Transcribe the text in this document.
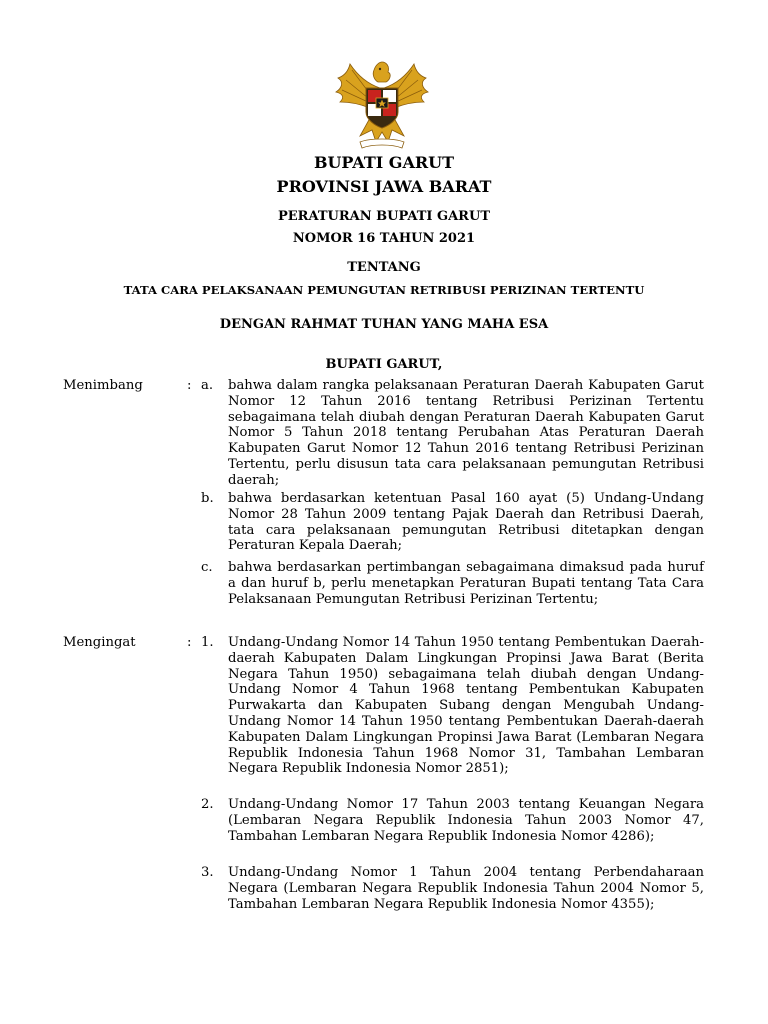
BUPATI GARUT
PROVINSI JAWA BARAT
PERATURAN BUPATI GARUT
NOMOR 16 TAHUN 2021
TENTANG
TATA CARA PELAKSANAAN PEMUNGUTAN RETRIBUSI PERIZINAN TERTENTU
DENGAN RAHMAT TUHAN YANG MAHA ESA
BUPATI GARUT,
Menimbang	: a. bahwa dalam rangka pelaksanaan Peraturan Daerah Kabupaten Garut Nomor 12 Tahun 2016 tentang Retribusi Perizinan Tertentu sebagaimana telah diubah dengan Peraturan Daerah Kabupaten Garut Nomor 5 Tahun 2018 tentang Perubahan Atas Peraturan Daerah Kabupaten Garut Nomor 12 Tahun 2016 tentang Retribusi Perizinan Tertentu, perlu disusun tata cara pelaksanaan pemungutan Retribusi daerah;
b. bahwa berdasarkan ketentuan Pasal 160 ayat (5) Undang-Undang Nomor 28 Tahun 2009 tentang Pajak Daerah dan Retribusi Daerah, tata cara pelaksanaan pemungutan Retribusi ditetapkan dengan Peraturan Kepala Daerah;
c. bahwa berdasarkan pertimbangan sebagaimana dimaksud pada huruf a dan huruf b, perlu menetapkan Peraturan Bupati tentang Tata Cara Pelaksanaan Pemungutan Retribusi Perizinan Tertentu;
Mengingat	: 1. Undang-Undang Nomor 14 Tahun 1950 tentang Pembentukan Daerah-daerah Kabupaten Dalam Lingkungan Propinsi Jawa Barat (Berita Negara Tahun 1950) sebagaimana telah diubah dengan Undang-Undang Nomor 4 Tahun 1968 tentang Pembentukan Kabupaten Purwakarta dan Kabupaten Subang dengan Mengubah Undang-Undang Nomor 14 Tahun 1950 tentang Pembentukan Daerah-daerah Kabupaten Dalam Lingkungan Propinsi Jawa Barat (Lembaran Negara Republik Indonesia Tahun 1968 Nomor 31, Tambahan Lembaran Negara Republik Indonesia Nomor 2851);
2. Undang-Undang Nomor 17 Tahun 2003 tentang Keuangan Negara (Lembaran Negara Republik Indonesia Tahun 2003 Nomor 47, Tambahan Lembaran Negara Republik Indonesia Nomor 4286);
3. Undang-Undang Nomor 1 Tahun 2004 tentang Perbendaharaan Negara (Lembaran Negara Republik Indonesia Tahun 2004 Nomor 5, Tambahan Lembaran Negara Republik Indonesia Nomor 4355);
